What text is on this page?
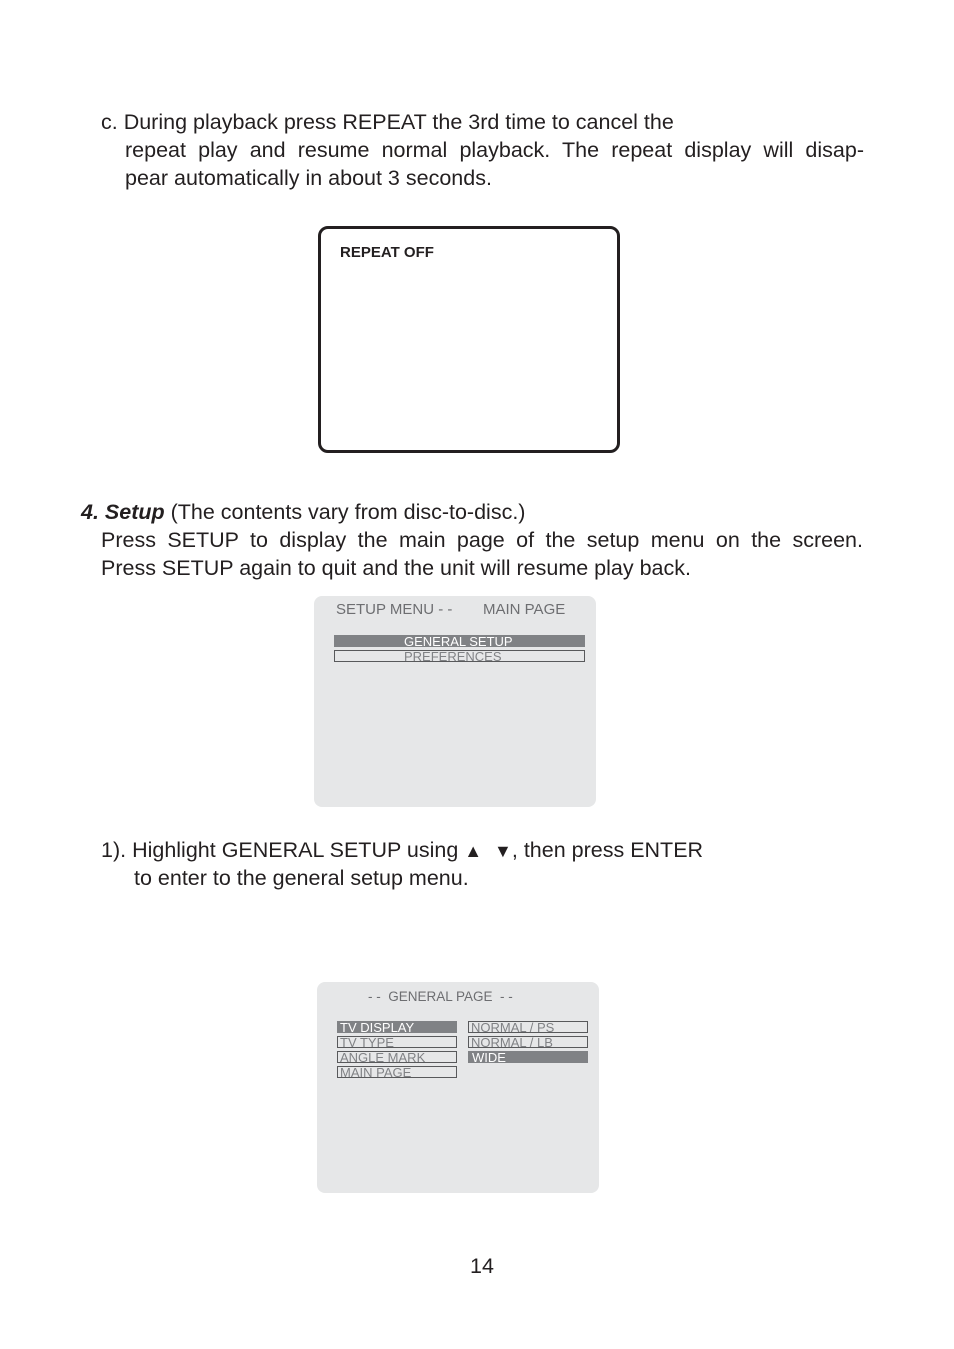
c. During playback press REPEAT the 3rd time to cancel the
repeat play and resume normal playback. The repeat display will disap-
pear automatically in about 3 seconds.
REPEAT OFF
4. Setup (The contents vary from disc-to-disc.)
Press SETUP to display the main page of the setup menu on the screen.
Press SETUP again to quit and the unit will resume play back.
SETUP MENU - - MAIN PAGE
GENERAL SETUP
PREFERENCES
1). Highlight GENERAL SETUP using ▲ ▼, then press ENTER
to enter to the general setup menu.
- -  GENERAL PAGE  - -
TV DISPLAY
TV TYPE
ANGLE MARK
MAIN PAGE
NORMAL / PS
NORMAL / LB
WIDE
14
